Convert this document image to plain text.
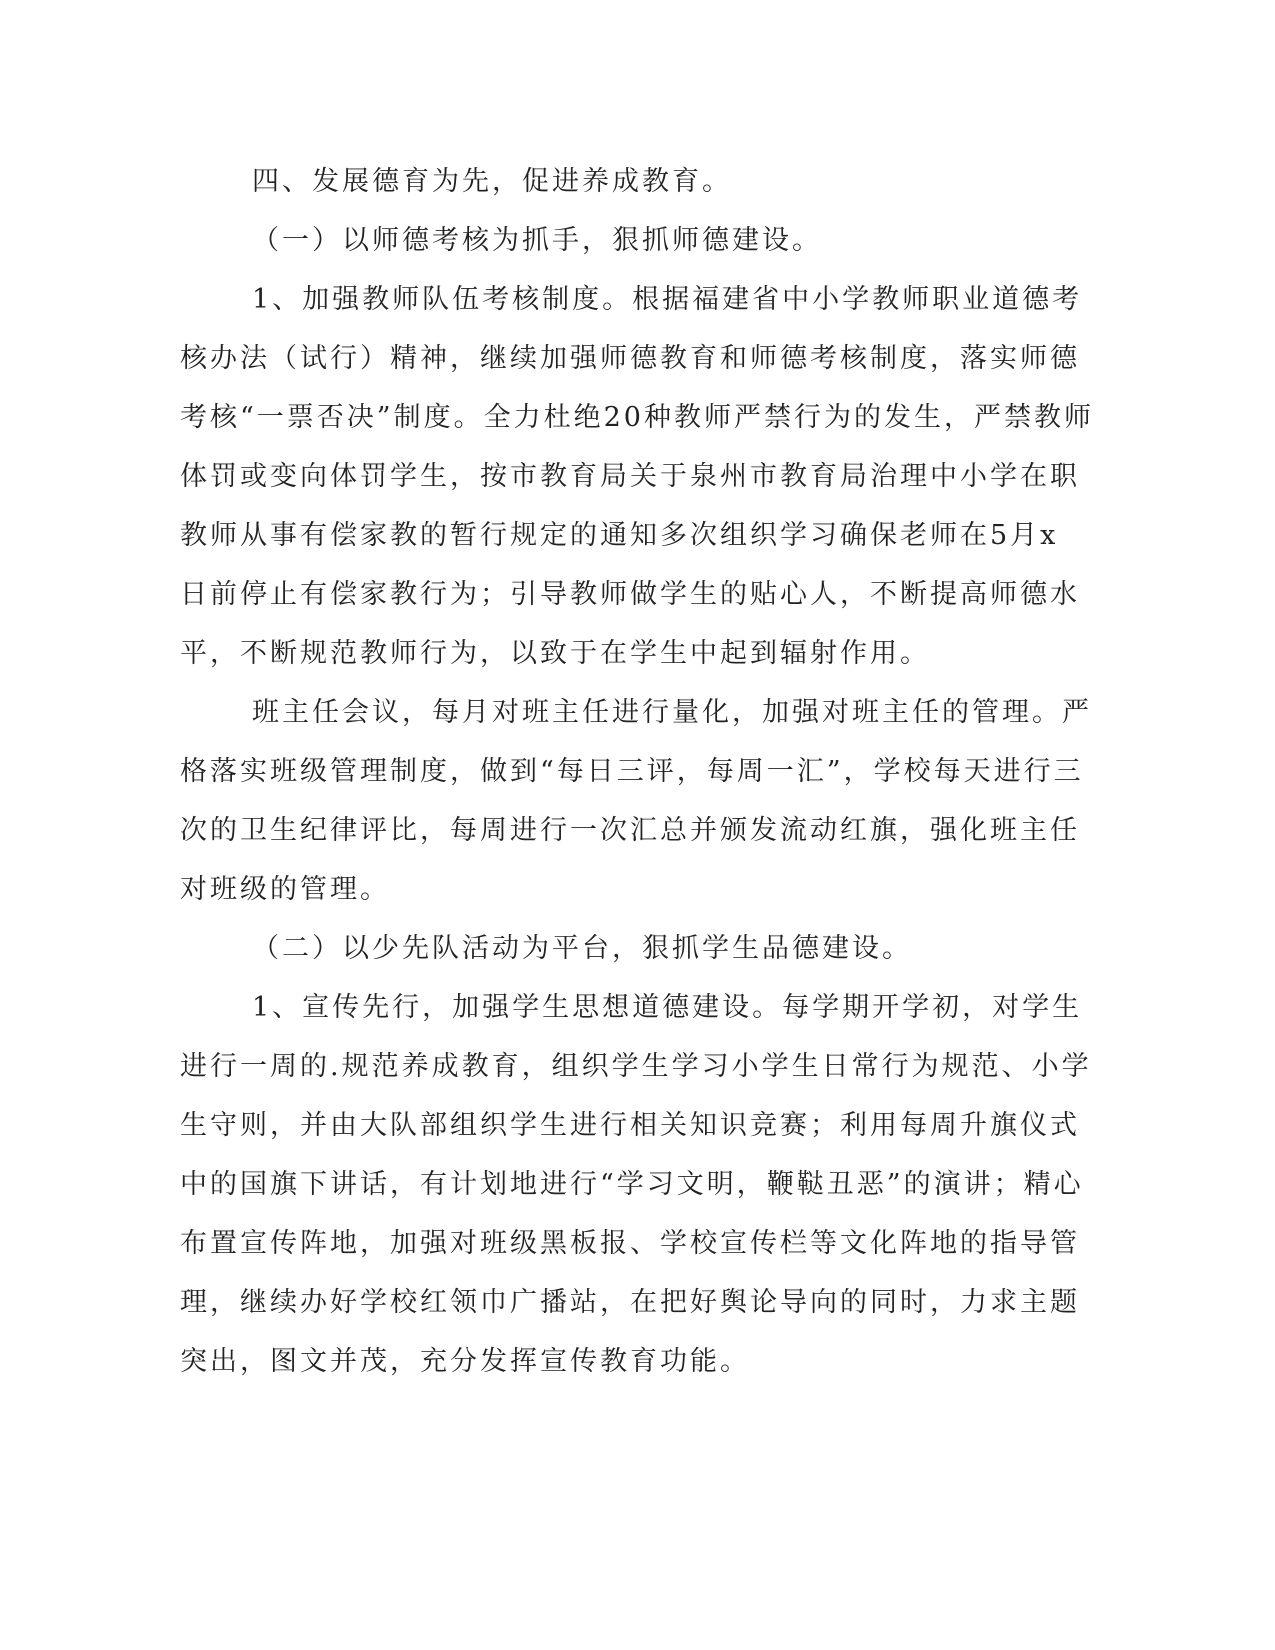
四、发展德育为先，促进养成教育。
（一）以师德考核为抓手，狠抓师德建设。
1、加强教师队伍考核制度。根据福建省中小学教师职业道德考
核办法（试行）精神，继续加强师德教育和师德考核制度，落实师德
考核“一票否决”制度。全力杜绝20种教师严禁行为的发生，严禁教师
体罚或变向体罚学生，按市教育局关于泉州市教育局治理中小学在职
教师从事有偿家教的暂行规定的通知多次组织学习确保老师在5月x
日前停止有偿家教行为；引导教师做学生的贴心人，不断提高师德水
平，不断规范教师行为，以致于在学生中起到辐射作用。
班主任会议，每月对班主任进行量化，加强对班主任的管理。严
格落实班级管理制度，做到“每日三评，每周一汇”，学校每天进行三
次的卫生纪律评比，每周进行一次汇总并颁发流动红旗，强化班主任
对班级的管理。
（二）以少先队活动为平台，狠抓学生品德建设。
1、宣传先行，加强学生思想道德建设。每学期开学初，对学生
进行一周的.规范养成教育，组织学生学习小学生日常行为规范、小学
生守则，并由大队部组织学生进行相关知识竞赛；利用每周升旗仪式
中的国旗下讲话，有计划地进行“学习文明，鞭鞑丑恶”的演讲；精心
布置宣传阵地，加强对班级黑板报、学校宣传栏等文化阵地的指导管
理，继续办好学校红领巾广播站，在把好舆论导向的同时，力求主题
突出，图文并茂，充分发挥宣传教育功能。
